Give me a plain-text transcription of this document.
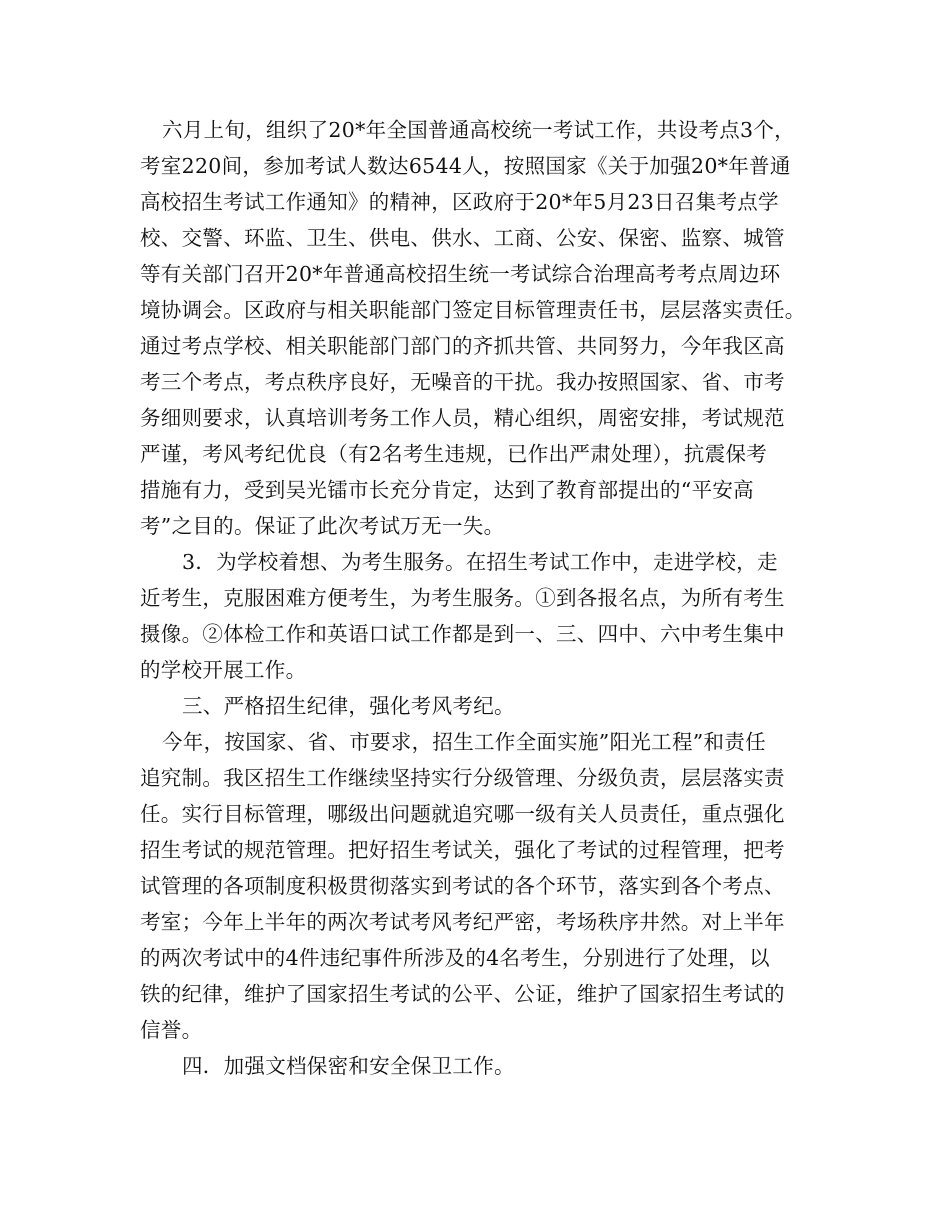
六月上旬，组织了20*年全国普通高校统一考试工作，共设考点3个，

考室220间，参加考试人数达6544人，按照国家《关于加强20*年普通

高校招生考试工作通知》的精神，区政府于20*年5月23日召集考点学

校、交警、环监、卫生、供电、供水、工商、公安、保密、监察、城管

等有关部门召开20*年普通高校招生统一考试综合治理高考考点周边环

境协调会。区政府与相关职能部门签定目标管理责任书，层层落实责任。

通过考点学校、相关职能部门部门的齐抓共管、共同努力，今年我区高

考三个考点，考点秩序良好，无噪音的干扰。我办按照国家、省、市考

务细则要求，认真培训考务工作人员，精心组织，周密安排，考试规范

严谨，考风考纪优良（有2名考生违规，已作出严肃处理），抗震保考

措施有力，受到吴光镭市长充分肯定，达到了教育部提出的“平安高

考”之目的。保证了此次考试万无一失。

3．为学校着想、为考生服务。在招生考试工作中，走进学校，走

近考生，克服困难方便考生，为考生服务。①到各报名点，为所有考生

摄像。②体检工作和英语口试工作都是到一、三、四中、六中考生集中

的学校开展工作。

三、严格招生纪律，强化考风考纪。

今年，按国家、省、市要求，招生工作全面实施”阳光工程”和责任

追究制。我区招生工作继续坚持实行分级管理、分级负责，层层落实责

任。实行目标管理，哪级出问题就追究哪一级有关人员责任，重点强化

招生考试的规范管理。把好招生考试关，强化了考试的过程管理，把考

试管理的各项制度积极贯彻落实到考试的各个环节，落实到各个考点、

考室；今年上半年的两次考试考风考纪严密，考场秩序井然。对上半年

的两次考试中的4件违纪事件所涉及的4名考生，分别进行了处理，以

铁的纪律，维护了国家招生考试的公平、公证，维护了国家招生考试的

信誉。

四．加强文档保密和安全保卫工作。
